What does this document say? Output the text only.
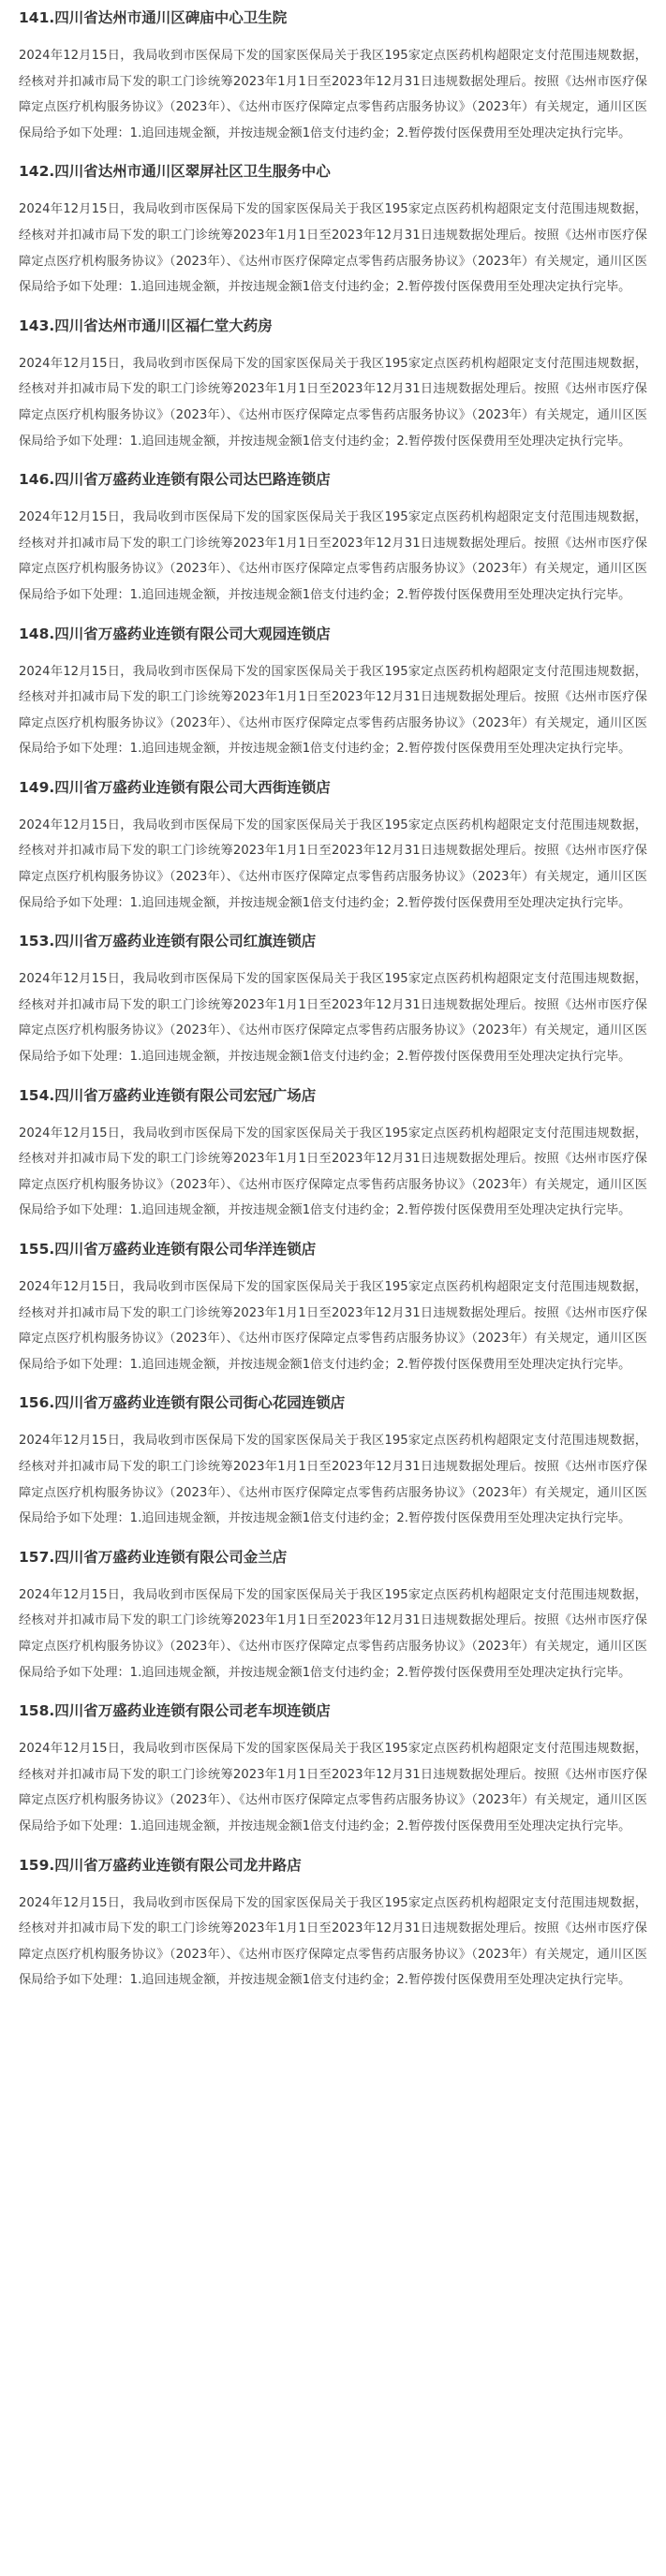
141.四川省达州市通川区碑庙中心卫生院
2024年12月15日，我局收到市医保局下发的国家医保局关于我区195家定点医药机构超限定支付范围违规数据，经核对并扣减市局下发的职工门诊统筹2023年1月1日至2023年12月31日违规数据处理后。按照《达州市医疗保障定点医疗机构服务协议》（2023年）、《达州市医疗保障定点零售药店服务协议》（2023年）有关规定，通川区医保局给予如下处理：1.追回违规金额，并按违规金额1倍支付违约金；2.暂停拨付医保费用至处理决定执行完毕。
142.四川省达州市通川区翠屏社区卫生服务中心
2024年12月15日，我局收到市医保局下发的国家医保局关于我区195家定点医药机构超限定支付范围违规数据，经核对并扣减市局下发的职工门诊统筹2023年1月1日至2023年12月31日违规数据处理后。按照《达州市医疗保障定点医疗机构服务协议》（2023年）、《达州市医疗保障定点零售药店服务协议》（2023年）有关规定，通川区医保局给予如下处理：1.追回违规金额，并按违规金额1倍支付违约金；2.暂停拨付医保费用至处理决定执行完毕。
143.四川省达州市通川区福仁堂大药房
2024年12月15日，我局收到市医保局下发的国家医保局关于我区195家定点医药机构超限定支付范围违规数据，经核对并扣减市局下发的职工门诊统筹2023年1月1日至2023年12月31日违规数据处理后。按照《达州市医疗保障定点医疗机构服务协议》（2023年）、《达州市医疗保障定点零售药店服务协议》（2023年）有关规定，通川区医保局给予如下处理：1.追回违规金额，并按违规金额1倍支付违约金；2.暂停拨付医保费用至处理决定执行完毕。
146.四川省万盛药业连锁有限公司达巴路连锁店
2024年12月15日，我局收到市医保局下发的国家医保局关于我区195家定点医药机构超限定支付范围违规数据，经核对并扣减市局下发的职工门诊统筹2023年1月1日至2023年12月31日违规数据处理后。按照《达州市医疗保障定点医疗机构服务协议》（2023年）、《达州市医疗保障定点零售药店服务协议》（2023年）有关规定，通川区医保局给予如下处理：1.追回违规金额，并按违规金额1倍支付违约金；2.暂停拨付医保费用至处理决定执行完毕。
148.四川省万盛药业连锁有限公司大观园连锁店
2024年12月15日，我局收到市医保局下发的国家医保局关于我区195家定点医药机构超限定支付范围违规数据，经核对并扣减市局下发的职工门诊统筹2023年1月1日至2023年12月31日违规数据处理后。按照《达州市医疗保障定点医疗机构服务协议》（2023年）、《达州市医疗保障定点零售药店服务协议》（2023年）有关规定，通川区医保局给予如下处理：1.追回违规金额，并按违规金额1倍支付违约金；2.暂停拨付医保费用至处理决定执行完毕。
149.四川省万盛药业连锁有限公司大西街连锁店
2024年12月15日，我局收到市医保局下发的国家医保局关于我区195家定点医药机构超限定支付范围违规数据，经核对并扣减市局下发的职工门诊统筹2023年1月1日至2023年12月31日违规数据处理后。按照《达州市医疗保障定点医疗机构服务协议》（2023年）、《达州市医疗保障定点零售药店服务协议》（2023年）有关规定，通川区医保局给予如下处理：1.追回违规金额，并按违规金额1倍支付违约金；2.暂停拨付医保费用至处理决定执行完毕。
153.四川省万盛药业连锁有限公司红旗连锁店
2024年12月15日，我局收到市医保局下发的国家医保局关于我区195家定点医药机构超限定支付范围违规数据，经核对并扣减市局下发的职工门诊统筹2023年1月1日至2023年12月31日违规数据处理后。按照《达州市医疗保障定点医疗机构服务协议》（2023年）、《达州市医疗保障定点零售药店服务协议》（2023年）有关规定，通川区医保局给予如下处理：1.追回违规金额，并按违规金额1倍支付违约金；2.暂停拨付医保费用至处理决定执行完毕。
154.四川省万盛药业连锁有限公司宏冠广场店
2024年12月15日，我局收到市医保局下发的国家医保局关于我区195家定点医药机构超限定支付范围违规数据，经核对并扣减市局下发的职工门诊统筹2023年1月1日至2023年12月31日违规数据处理后。按照《达州市医疗保障定点医疗机构服务协议》（2023年）、《达州市医疗保障定点零售药店服务协议》（2023年）有关规定，通川区医保局给予如下处理：1.追回违规金额，并按违规金额1倍支付违约金；2.暂停拨付医保费用至处理决定执行完毕。
155.四川省万盛药业连锁有限公司华洋连锁店
2024年12月15日，我局收到市医保局下发的国家医保局关于我区195家定点医药机构超限定支付范围违规数据，经核对并扣减市局下发的职工门诊统筹2023年1月1日至2023年12月31日违规数据处理后。按照《达州市医疗保障定点医疗机构服务协议》（2023年）、《达州市医疗保障定点零售药店服务协议》（2023年）有关规定，通川区医保局给予如下处理：1.追回违规金额，并按违规金额1倍支付违约金；2.暂停拨付医保费用至处理决定执行完毕。
156.四川省万盛药业连锁有限公司街心花园连锁店
2024年12月15日，我局收到市医保局下发的国家医保局关于我区195家定点医药机构超限定支付范围违规数据，经核对并扣减市局下发的职工门诊统筹2023年1月1日至2023年12月31日违规数据处理后。按照《达州市医疗保障定点医疗机构服务协议》（2023年）、《达州市医疗保障定点零售药店服务协议》（2023年）有关规定，通川区医保局给予如下处理：1.追回违规金额，并按违规金额1倍支付违约金；2.暂停拨付医保费用至处理决定执行完毕。
157.四川省万盛药业连锁有限公司金兰店
2024年12月15日，我局收到市医保局下发的国家医保局关于我区195家定点医药机构超限定支付范围违规数据，经核对并扣减市局下发的职工门诊统筹2023年1月1日至2023年12月31日违规数据处理后。按照《达州市医疗保障定点医疗机构服务协议》（2023年）、《达州市医疗保障定点零售药店服务协议》（2023年）有关规定，通川区医保局给予如下处理：1.追回违规金额，并按违规金额1倍支付违约金；2.暂停拨付医保费用至处理决定执行完毕。
158.四川省万盛药业连锁有限公司老车坝连锁店
2024年12月15日，我局收到市医保局下发的国家医保局关于我区195家定点医药机构超限定支付范围违规数据，经核对并扣减市局下发的职工门诊统筹2023年1月1日至2023年12月31日违规数据处理后。按照《达州市医疗保障定点医疗机构服务协议》（2023年）、《达州市医疗保障定点零售药店服务协议》（2023年）有关规定，通川区医保局给予如下处理：1.追回违规金额，并按违规金额1倍支付违约金；2.暂停拨付医保费用至处理决定执行完毕。
159.四川省万盛药业连锁有限公司龙井路店
2024年12月15日，我局收到市医保局下发的国家医保局关于我区195家定点医药机构超限定支付范围违规数据，经核对并扣减市局下发的职工门诊统筹2023年1月1日至2023年12月31日违规数据处理后。按照《达州市医疗保障定点医疗机构服务协议》（2023年）、《达州市医疗保障定点零售药店服务协议》（2023年）有关规定，通川区医保局给予如下处理：1.追回违规金额，并按违规金额1倍支付违约金；2.暂停拨付医保费用至处理决定执行完毕。
